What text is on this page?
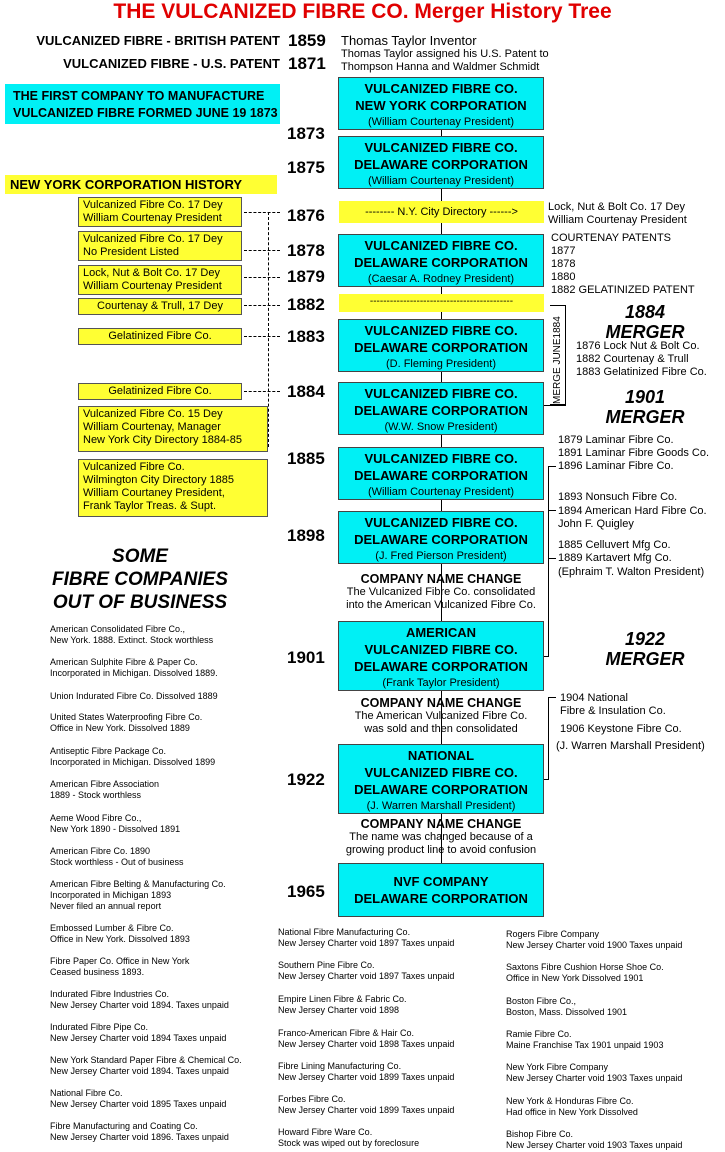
THE VULCANIZED FIBRE CO. Merger History Tree
VULCANIZED FIBRE - BRITISH PATENT 1859 Thomas Taylor Inventor
VULCANIZED FIBRE - U.S. PATENT 1871 Thomas Taylor assigned his U.S. Patent to
Thompson Hanna and Waldmer Schmidt
THE FIRST COMPANY TO MANUFACTURE
VULCANIZED FIBRE FORMED JUNE 19 1873
NEW YORK CORPORATION HISTORY
VULCANIZED FIBRE CO.
NEW YORK CORPORATION
(William Courtenay President)
VULCANIZED FIBRE CO.
DELAWARE CORPORATION
(William Courtenay President)
VULCANIZED FIBRE CO.
DELAWARE CORPORATION
(Caesar A. Rodney President)
VULCANIZED FIBRE CO.
DELAWARE CORPORATION
(D. Fleming President)
VULCANIZED FIBRE CO.
DELAWARE CORPORATION
(W.W. Snow President)
VULCANIZED FIBRE CO.
DELAWARE CORPORATION
(William Courtenay President)
VULCANIZED FIBRE CO.
DELAWARE CORPORATION
(J. Fred Pierson President)
AMERICAN
VULCANIZED FIBRE CO.
DELAWARE CORPORATION
(Frank Taylor President)
NATIONAL
VULCANIZED FIBRE CO.
DELAWARE CORPORATION
(J. Warren Marshall President)
NVF COMPANY
DELAWARE CORPORATION
1873
1875
1876
1878
1879
1882
1883
1884
1885
1898
1901
1922
1965
Vulcanized Fibre Co. 17 Dey
William Courtenay President
Vulcanized Fibre Co. 17 Dey
No President Listed
Lock, Nut & Bolt Co. 17 Dey
William Courtenay President
Courtenay & Trull, 17 Dey
Gelatinized Fibre Co.
Gelatinized Fibre Co.
Vulcanized Fibre Co. 15 Dey
William Courtenay, Manager
New York City Directory 1884-85
Vulcanized Fibre Co.
Wilmington City Directory 1885
William Courtaney President,
Frank Taylor Treas. & Supt.
-------- N.Y. City Directory ------>	Lock, Nut & Bolt Co. 17 Dey
William Courtenay President
-------------------------------------------
COURTENAY PATENTS
1877
1878
1880
1882 GELATINIZED PATENT
MERGE JUNE1884
1884
MERGER
1876 Lock Nut & Bolt Co.
1882 Courtenay & Trull
1883 Gelatinized Fibre Co.
1901
MERGER
1879 Laminar Fibre Co.
1891 Laminar Fibre Goods Co.
1896 Laminar Fibre Co.
1893 Nonsuch Fibre Co.
1894 American Hard Fibre Co.
John F. Quigley
1885 Celluvert Mfg Co.
1889 Kartavert Mfg Co.
(Ephraim T. Walton President)
1922
MERGER
1904 National
Fibre & Insulation Co.
1906 Keystone Fibre Co.
(J. Warren Marshall President)
COMPANY NAME CHANGE
The Vulcanized Fibre Co. consolidated
into the American Vulcanized Fibre Co.
COMPANY NAME CHANGE
The American Vulcanized Fibre Co.
was sold and then consolidated
COMPANY NAME CHANGE
The name was changed because of a
growing product line to avoid confusion
SOME
FIBRE COMPANIES
OUT OF BUSINESS
American Consolidated Fibre Co.,
New York. 1888. Extinct. Stock worthless
American Sulphite Fibre & Paper Co.
Incorporated in Michigan. Dissolved 1889.
Union Indurated Fibre Co. Dissolved 1889
United States Waterproofing Fibre Co.
Office in New York. Dissolved 1889
Antiseptic Fibre Package Co.
Incorporated in Michigan. Dissolved 1899
American Fibre Association
1889 - Stock worthless
Aeme Wood Fibre Co.,
New York 1890 - Dissolved 1891
American Fibre Co. 1890
Stock worthless - Out of business
American Fibre Belting & Manufacturing Co.
Incorporated in Michigan 1893
Never filed an annual report
Embossed Lumber & Fibre Co.
Office in New York. Dissolved 1893
Fibre Paper Co. Office in New York
Ceased business 1893.
Indurated Fibre Industries Co.
New Jersey Charter void 1894. Taxes unpaid
Indurated Fibre Pipe Co.
New Jersey Charter void 1894 Taxes unpaid
New York Standard Paper Fibre & Chemical Co.
New Jersey Charter void 1894. Taxes unpaid
National Fibre Co.
New Jersey Charter void 1895 Taxes unpaid
Fibre Manufacturing and Coating Co.
New Jersey Charter void 1896. Taxes unpaid
National Fibre Manufacturing Co.
New Jersey Charter void 1897 Taxes unpaid
Southern Pine Fibre Co.
New Jersey Charter void 1897 Taxes unpaid
Empire Linen Fibre & Fabric Co.
New Jersey Charter void 1898
Franco-American Fibre & Hair Co.
New Jersey Charter void 1898 Taxes unpaid
Fibre Lining Manufacturing Co.
New Jersey Charter void 1899 Taxes unpaid
Forbes Fibre Co.
New Jersey Charter void 1899 Taxes unpaid
Howard Fibre Ware Co.
Stock was wiped out by foreclosure
Rogers Fibre Company
New Jersey Charter void 1900 Taxes unpaid
Saxtons Fibre Cushion Horse Shoe Co.
Office in New York Dissolved 1901
Boston Fibre Co.,
Boston, Mass. Dissolved 1901
Ramie Fibre Co.
Maine Franchise Tax 1901 unpaid 1903
New York Fibre Company
New Jersey Charter void 1903 Taxes unpaid
New York & Honduras Fibre Co.
Had office in New York Dissolved
Bishop Fibre Co.
New Jersey Charter void 1903 Taxes unpaid
